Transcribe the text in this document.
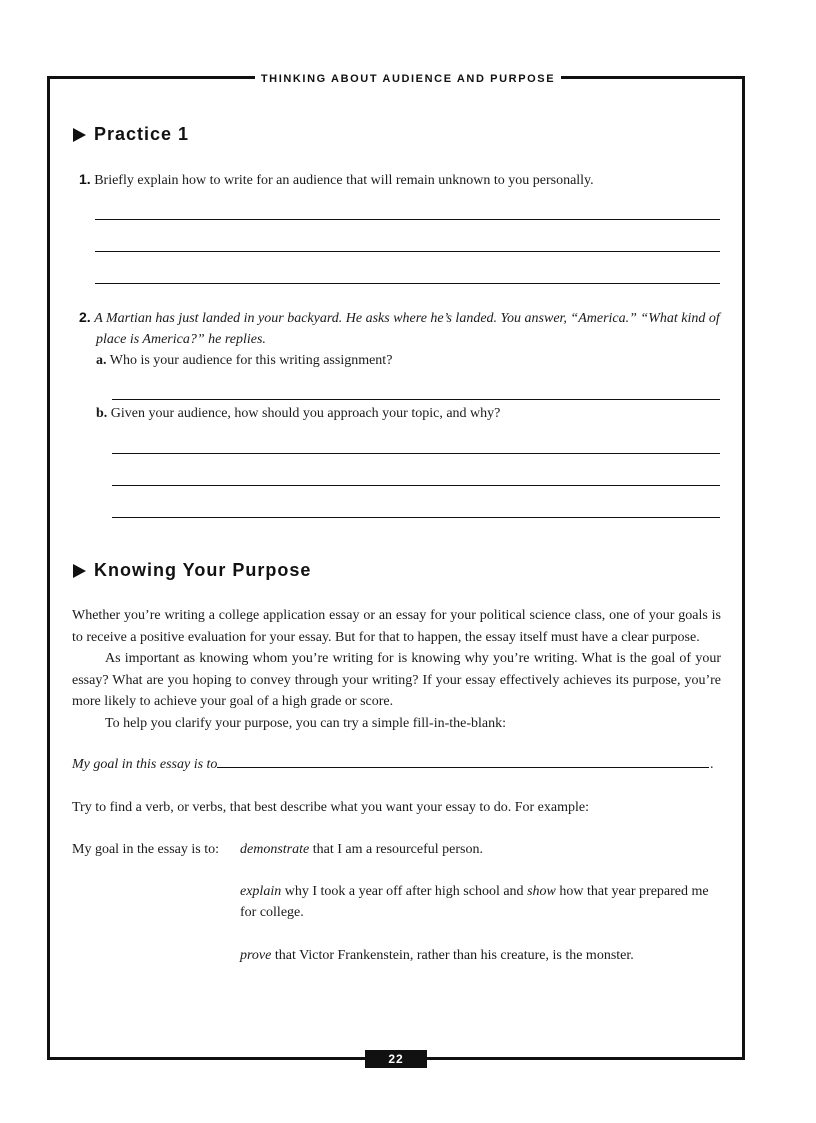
THINKING ABOUT AUDIENCE AND PURPOSE
Practice 1
1. Briefly explain how to write for an audience that will remain unknown to you personally.
2. A Martian has just landed in your backyard. He asks where he’s landed. You answer, “America.” “What kind of
place is America?” he replies.
a. Who is your audience for this writing assignment?
b. Given your audience, how should you approach your topic, and why?
Knowing Your Purpose

Whether you’re writing a college application essay or an essay for your political science class, one of your goals is to receive a positive evaluation for your essay. But for that to happen, the essay itself must have a clear purpose.

As important as knowing whom you’re writing for is knowing why you’re writing. What is the goal of your essay? What are you hoping to convey through your writing? If your essay effectively achieves its purpose, you’re more likely to achieve your goal of a high grade or score.

To help you clarify your purpose, you can try a simple fill-in-the-blank:

My goal in this essay is to	.
Try to find a verb, or verbs, that best describe what you want your essay to do. For example:
My goal in the essay is to: demonstrate that I am a resourceful person.
explain why I took a year off after high school and show how that year prepared me for college.
prove that Victor Frankenstein, rather than his creature, is the monster.
22
